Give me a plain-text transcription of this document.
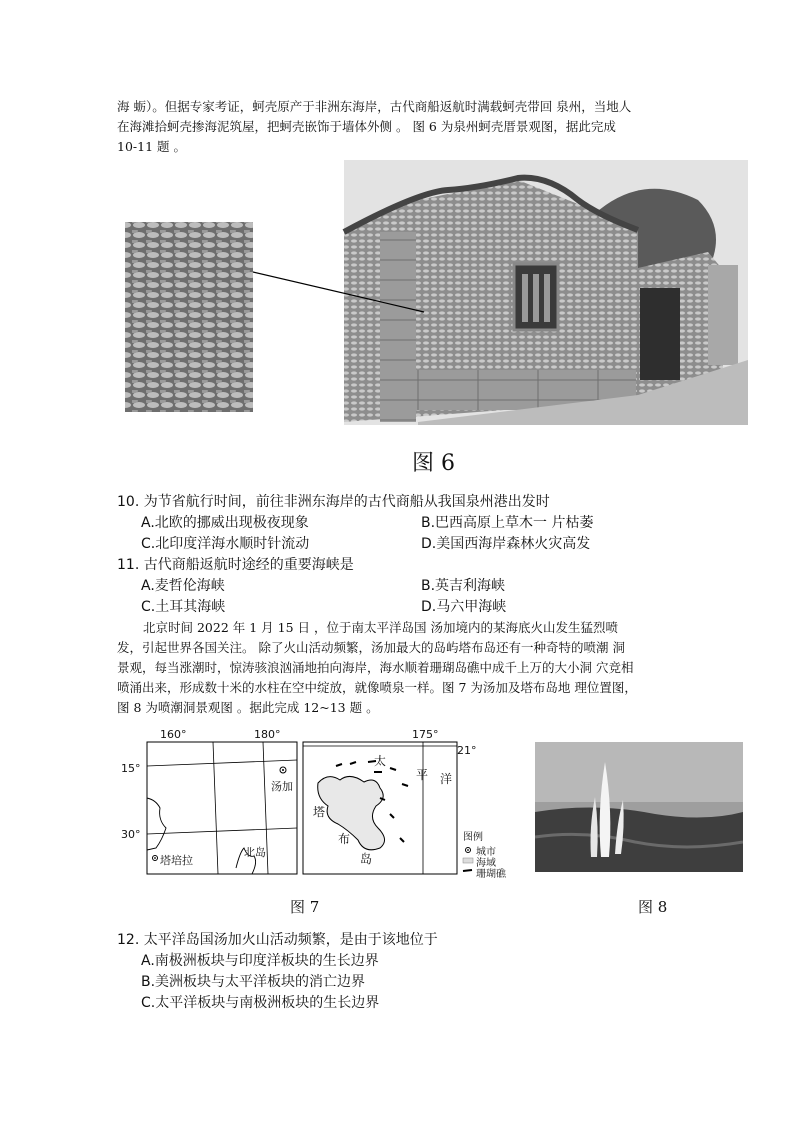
海 蛎）。但据专家考证，蚵壳原产于非洲东海岸，古代商船返航时满载蚵壳带回 泉州，当地人
在海滩拾蚵壳掺海泥筑屋，把蚵壳嵌饰于墙体外侧 。 图 6 为泉州蚵壳厝景观图，据此完成
10-11 题 。
图 6
10. 为节省航行时间，前往非洲东海岸的古代商船从我国泉州港出发时
A.北欧的挪威出现极夜现象	B.巴西高原上草木一 片枯萎
C.北印度洋海水顺时针流动	D.美国西海岸森林火灾高发
11. 古代商船返航时途经的重要海峡是
A.麦哲伦海峡	B.英吉利海峡
C.土耳其海峡	D.马六甲海峡
北京时间 2022 年 1 月 15 日 ，位于南太平洋岛国 汤加境内的某海底火山发生猛烈喷
发，引起世界各国关注。 除了火山活动频繁，汤加最大的岛屿塔布岛还有一种奇特的喷潮 洞
景观，每当涨潮时，惊涛骇浪汹涌地拍向海岸，海水顺着珊瑚岛礁中成千上万的大小洞 穴竞相
喷涌出来，形成数十米的水柱在空中绽放，就像喷泉一样。图 7 为汤加及塔布岛地 理位置图，
图 8 为喷潮洞景观图 。据此完成 12~13 题 。
160°	180°	175°
15°
30°
21°
汤加
塔培拉
北岛
太
平 洋
塔
布
岛
图例
城市
海域
珊瑚礁
图 7	图 8
12. 太平洋岛国汤加火山活动频繁，是由于该地位于
A.南极洲板块与印度洋板块的生长边界
B.美洲板块与太平洋板块的消亡边界
C.太平洋板块与南极洲板块的生长边界
